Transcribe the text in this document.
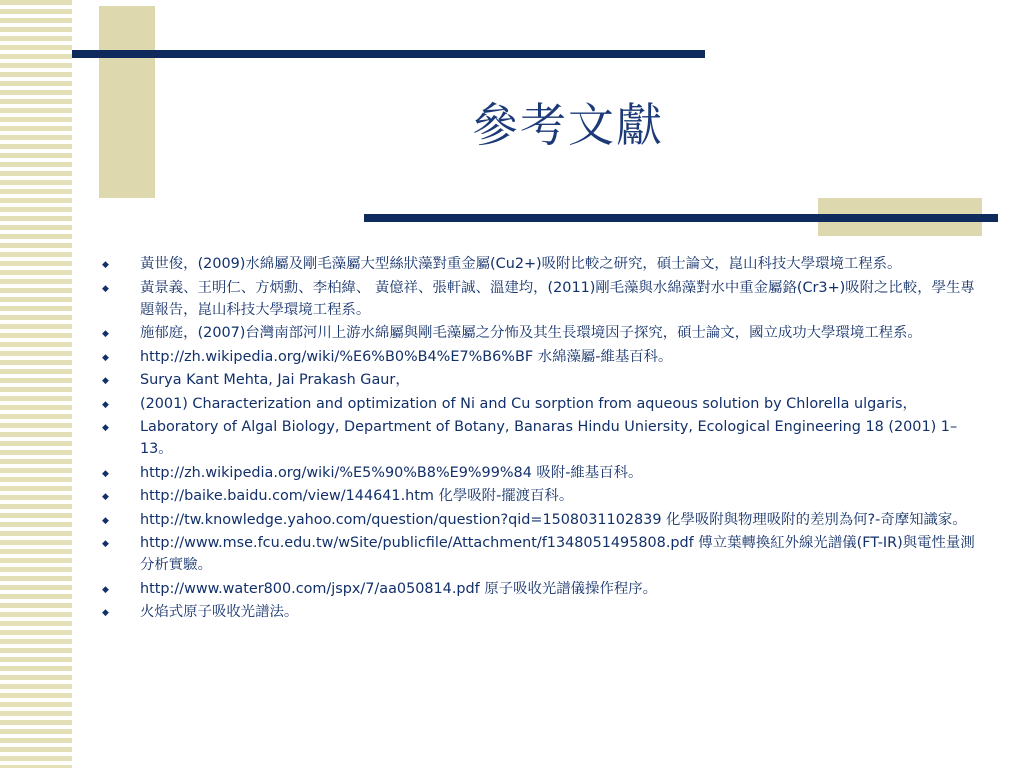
參考文獻
◆ 黃世俊，(2009)水綿屬及剛毛藻屬大型絲狀藻對重金屬(Cu2+)吸附比較之研究，碩士論文，崑山科技大學環境工程系。
◆ 黃景義、王明仁、方炳勳、李柏緯、 黃億祥、張軒誠、溫建均，(2011)剛毛藻與水綿藻對水中重金屬鉻(Cr3+)吸附之比較，學生專題報告，崑山科技大學環境工程系。
◆ 施郁庭，(2007)台灣南部河川上游水綿屬與剛毛藻屬之分怖及其生長環境因子探究，碩士論文，國立成功大學環境工程系。
◆ http://zh.wikipedia.org/wiki/%E6%B0%B4%E7%B6%BF 水綿藻屬-維基百科。
◆ Surya Kant Mehta, Jai Prakash Gaur，
◆ (2001) Characterization and optimization of Ni and Cu sorption from aqueous solution by Chlorella ulgaris，
◆ Laboratory of Algal Biology, Department of Botany, Banaras Hindu Uniersity, Ecological Engineering 18 (2001) 1–13。
◆ http://zh.wikipedia.org/wiki/%E5%90%B8%E9%99%84 吸附-維基百科。
◆ http://baike.baidu.com/view/144641.htm 化學吸附-擺渡百科。
◆ http://tw.knowledge.yahoo.com/question/question?qid=1508031102839 化學吸附與物理吸附的差別為何?-奇摩知識家。
◆ http://www.mse.fcu.edu.tw/wSite/publicfile/Attachment/f1348051495808.pdf 傅立葉轉換紅外線光譜儀(FT-IR)與電性量測分析實驗。
◆ http://www.water800.com/jspx/7/aa050814.pdf 原子吸收光譜儀操作程序。
◆ 火焰式原子吸收光譜法。
